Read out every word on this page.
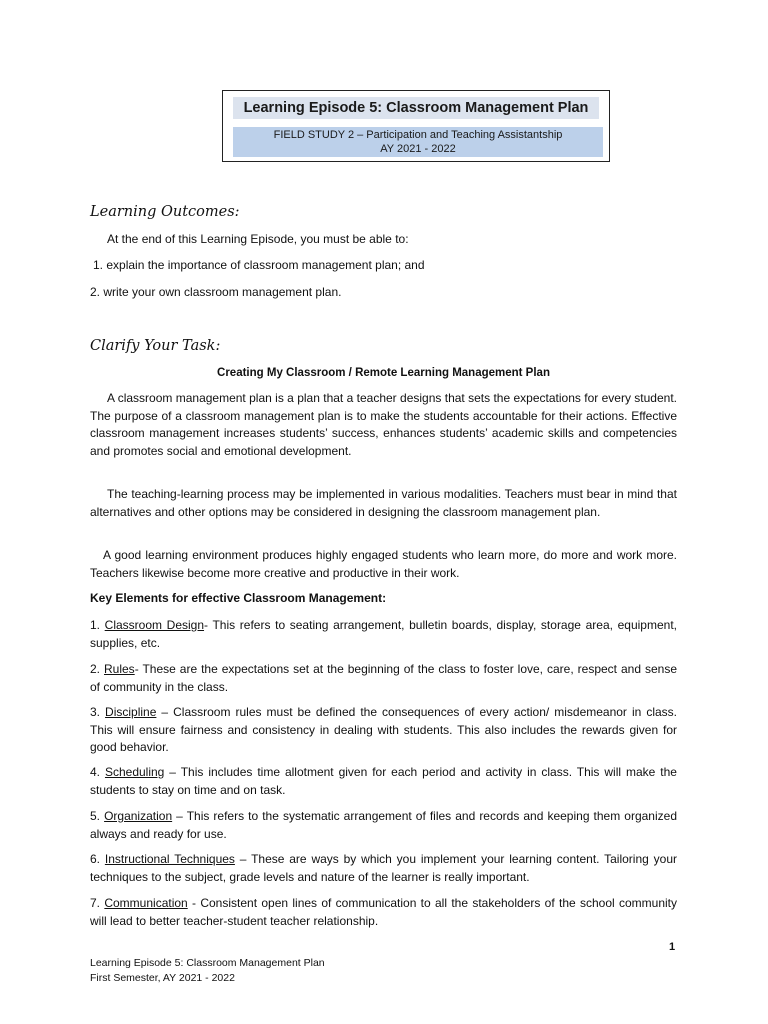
Learning Episode 5: Classroom Management Plan
FIELD STUDY 2 – Participation and Teaching Assistantship
AY 2021 - 2022
Learning Outcomes:
At the end of this Learning Episode, you must be able to:
1. explain the importance of classroom management plan; and
2. write your own classroom management plan.
Clarify Your Task:
Creating My Classroom / Remote Learning Management Plan
A classroom management plan is a plan that a teacher designs that sets the expectations for every student. The purpose of a classroom management plan is to make the students accountable for their actions. Effective classroom management increases students’ success, enhances students’ academic skills and competencies and promotes social and emotional development.
The teaching-learning process may be implemented in various modalities. Teachers must bear in mind that alternatives and other options may be considered in designing the classroom management plan.
A good learning environment produces highly engaged students who learn more, do more and work more. Teachers likewise become more creative and productive in their work.
Key Elements for effective Classroom Management:
1. Classroom Design- This refers to seating arrangement, bulletin boards, display, storage area, equipment, supplies, etc.
2. Rules- These are the expectations set at the beginning of the class to foster love, care, respect and sense of community in the class.
3. Discipline – Classroom rules must be defined the consequences of every action/ misdemeanor in class. This will ensure fairness and consistency in dealing with students. This also includes the rewards given for good behavior.
4. Scheduling – This includes time allotment given for each period and activity in class. This will make the students to stay on time and on task.
5. Organization – This refers to the systematic arrangement of files and records and keeping them organized always and ready for use.
6. Instructional Techniques – These are ways by which you implement your learning content. Tailoring your techniques to the subject, grade levels and nature of the learner is really important.
7. Communication - Consistent open lines of communication to all the stakeholders of the school community will lead to better teacher-student teacher relationship.
1
Learning Episode 5: Classroom Management Plan
First Semester, AY 2021 - 2022
